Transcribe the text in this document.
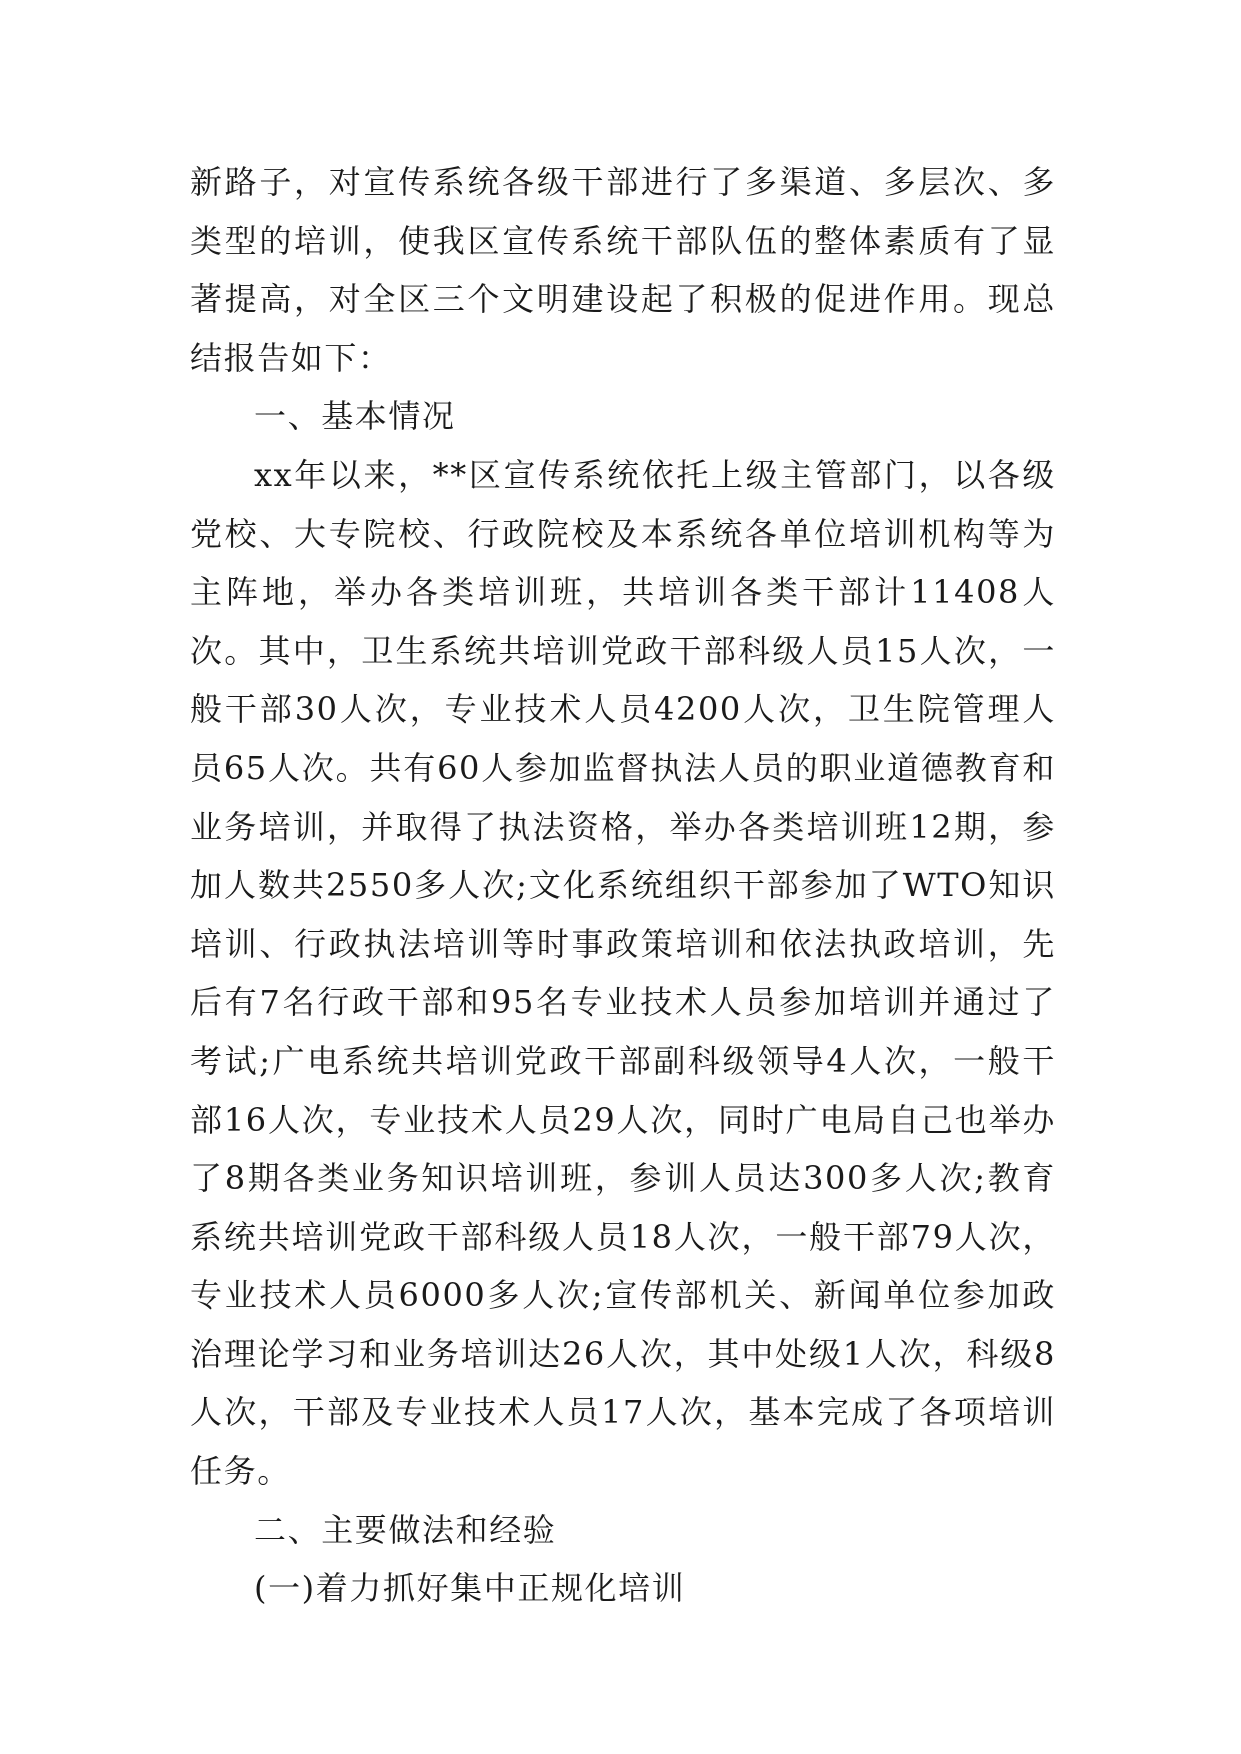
新路子，对宣传系统各级干部进行了多渠道、多层次、多类型的培训，使我区宣传系统干部队伍的整体素质有了显著提高，对全区三个文明建设起了积极的促进作用。现总结报告如下：

一、基本情况

xx年以来，**区宣传系统依托上级主管部门，以各级党校、大专院校、行政院校及本系统各单位培训机构等为主阵地，举办各类培训班，共培训各类干部计11408人次。其中，卫生系统共培训党政干部科级人员15人次，一般干部30人次，专业技术人员4200人次，卫生院管理人员65人次。共有60人参加监督执法人员的职业道德教育和业务培训，并取得了执法资格，举办各类培训班12期，参加人数共2550多人次;文化系统组织干部参加了WTO知识培训、行政执法培训等时事政策培训和依法执政培训，先后有7名行政干部和95名专业技术人员参加培训并通过了考试;广电系统共培训党政干部副科级领导4人次，一般干部16人次，专业技术人员29人次，同时广电局自己也举办了8期各类业务知识培训班，参训人员达300多人次;教育系统共培训党政干部科级人员18人次，一般干部79人次，专业技术人员6000多人次;宣传部机关、新闻单位参加政治理论学习和业务培训达26人次，其中处级1人次，科级8人次，干部及专业技术人员17人次，基本完成了各项培训任务。

二、主要做法和经验

(一)着力抓好集中正规化培训
